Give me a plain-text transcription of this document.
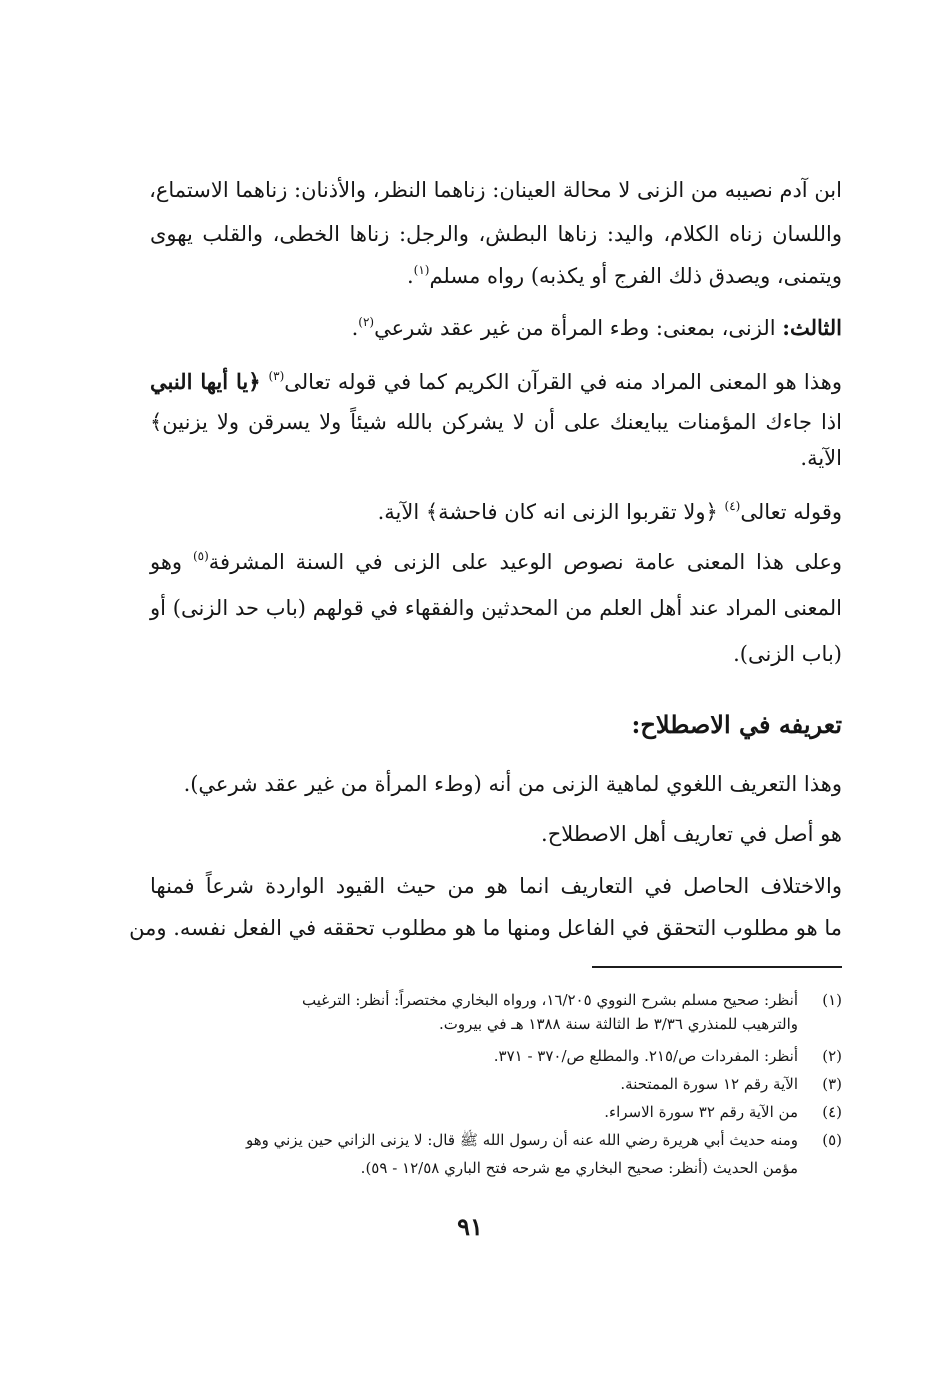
ابن آدم نصيبه من الزنى لا محالة العينان: زناهما النظر، والأذنان: زناهما الاستماع،
واللسان زناه الكلام، واليد: زناها البطش، والرجل: زناها الخطى، والقلب يهوى
ويتمنى، ويصدق ذلك الفرج أو يكذبه) رواه مسلم$^{(١)}$.
الثالث: الزنى، بمعنى: وطء المرأة من غير عقد شرعي$^{(٢)}$.
وهذا هو المعنى المراد منه في القرآن الكريم كما في قوله تعالى$^{(٣)}$ ﴿يا أيها النبي
اذا جاءك المؤمنات يبايعنك على أن لا يشركن بالله شيئاً ولا يسرقن ولا يزنين﴾
الآية.
وقوله تعالى$^{(٤)}$ ﴿ولا تقربوا الزنى انه كان فاحشة﴾ الآية.
وعلى هذا المعنى عامة نصوص الوعيد على الزنى في السنة المشرفة$^{(٥)}$ وهو
المعنى المراد عند أهل العلم من المحدثين والفقهاء في قولهم (باب حد الزنى) أو
(باب الزنى).
تعريفه في الاصطلاح:
وهذا التعريف اللغوي لماهية الزنى من أنه (وطء المرأة من غير عقد شرعي).
هو أصل في تعاريف أهل الاصطلاح.
والاختلاف الحاصل في التعاريف انما هو من حيث القيود الواردة شرعاً فمنها
ما هو مطلوب التحقق في الفاعل ومنها ما هو مطلوب تحققه في الفعل نفسه. ومن
(١)أنظر: صحيح مسلم بشرح النووي ١٦/٢٠٥، ورواه البخاري مختصراً: أنظر: الترغيب
والترهيب للمنذري ٣/٣٦ ط الثالثة سنة ١٣٨٨ هـ في بيروت.
(٢)أنظر: المفردات ص/٢١٥. والمطلع ص/٣٧٠ - ٣٧١.
(٣)الآية رقم ١٢ سورة الممتحنة.
(٤)من الآية رقم ٣٢ سورة الاسراء.
(٥)ومنه حديث أبي هريرة رضي الله عنه أن رسول الله ﷺ قال: لا يزنى الزاني حين يزني وهو
مؤمن الحديث (أنظر: صحيح البخاري مع شرحه فتح الباري ١٢/٥٨ - ٥٩).
٩١
